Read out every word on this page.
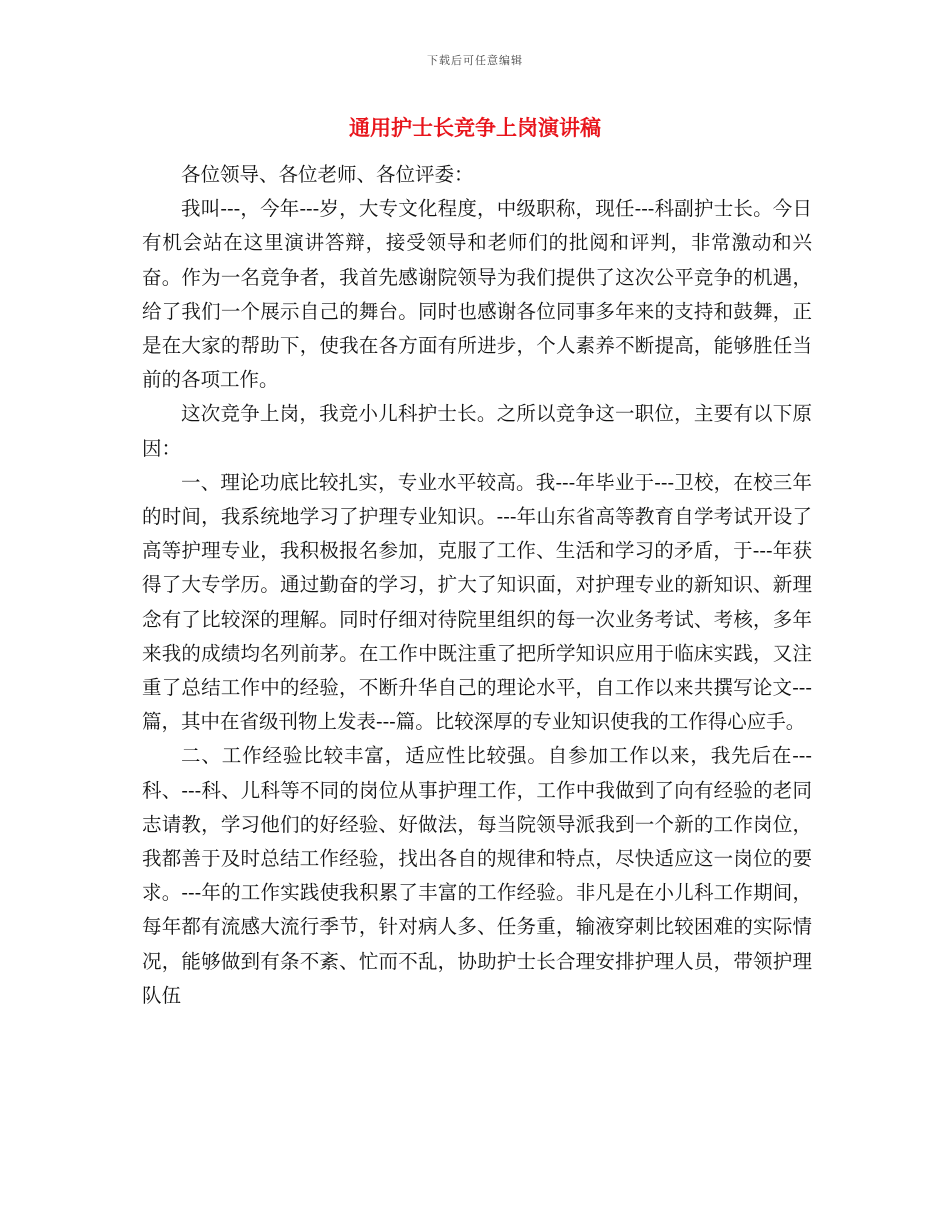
下载后可任意编辑
通用护士长竞争上岗演讲稿

各位领导、各位老师、各位评委：

我叫---，今年---岁，大专文化程度，中级职称，现任---科副护士长。今日有机会站在这里演讲答辩，接受领导和老师们的批阅和评判，非常激动和兴奋。作为一名竞争者，我首先感谢院领导为我们提供了这次公平竞争的机遇，给了我们一个展示自己的舞台。同时也感谢各位同事多年来的支持和鼓舞，正是在大家的帮助下，使我在各方面有所进步，个人素养不断提高，能够胜任当前的各项工作。

这次竞争上岗，我竞小儿科护士长。之所以竞争这一职位，主要有以下原因：

一、理论功底比较扎实，专业水平较高。我---年毕业于---卫校，在校三年的时间，我系统地学习了护理专业知识。---年山东省高等教育自学考试开设了高等护理专业，我积极报名参加，克服了工作、生活和学习的矛盾，于---年获得了大专学历。通过勤奋的学习，扩大了知识面，对护理专业的新知识、新理念有了比较深的理解。同时仔细对待院里组织的每一次业务考试、考核，多年来我的成绩均名列前茅。在工作中既注重了把所学知识应用于临床实践，又注重了总结工作中的经验，不断升华自己的理论水平，自工作以来共撰写论文---篇，其中在省级刊物上发表---篇。比较深厚的专业知识使我的工作得心应手。

二、工作经验比较丰富，适应性比较强。自参加工作以来，我先后在---科、---科、儿科等不同的岗位从事护理工作，工作中我做到了向有经验的老同志请教，学习他们的好经验、好做法，每当院领导派我到一个新的工作岗位，我都善于及时总结工作经验，找出各自的规律和特点，尽快适应这一岗位的要求。---年的工作实践使我积累了丰富的工作经验。非凡是在小儿科工作期间，每年都有流感大流行季节，针对病人多、任务重，输液穿刺比较困难的实际情况，能够做到有条不紊、忙而不乱，协助护士长合理安排护理人员，带领护理队伍
